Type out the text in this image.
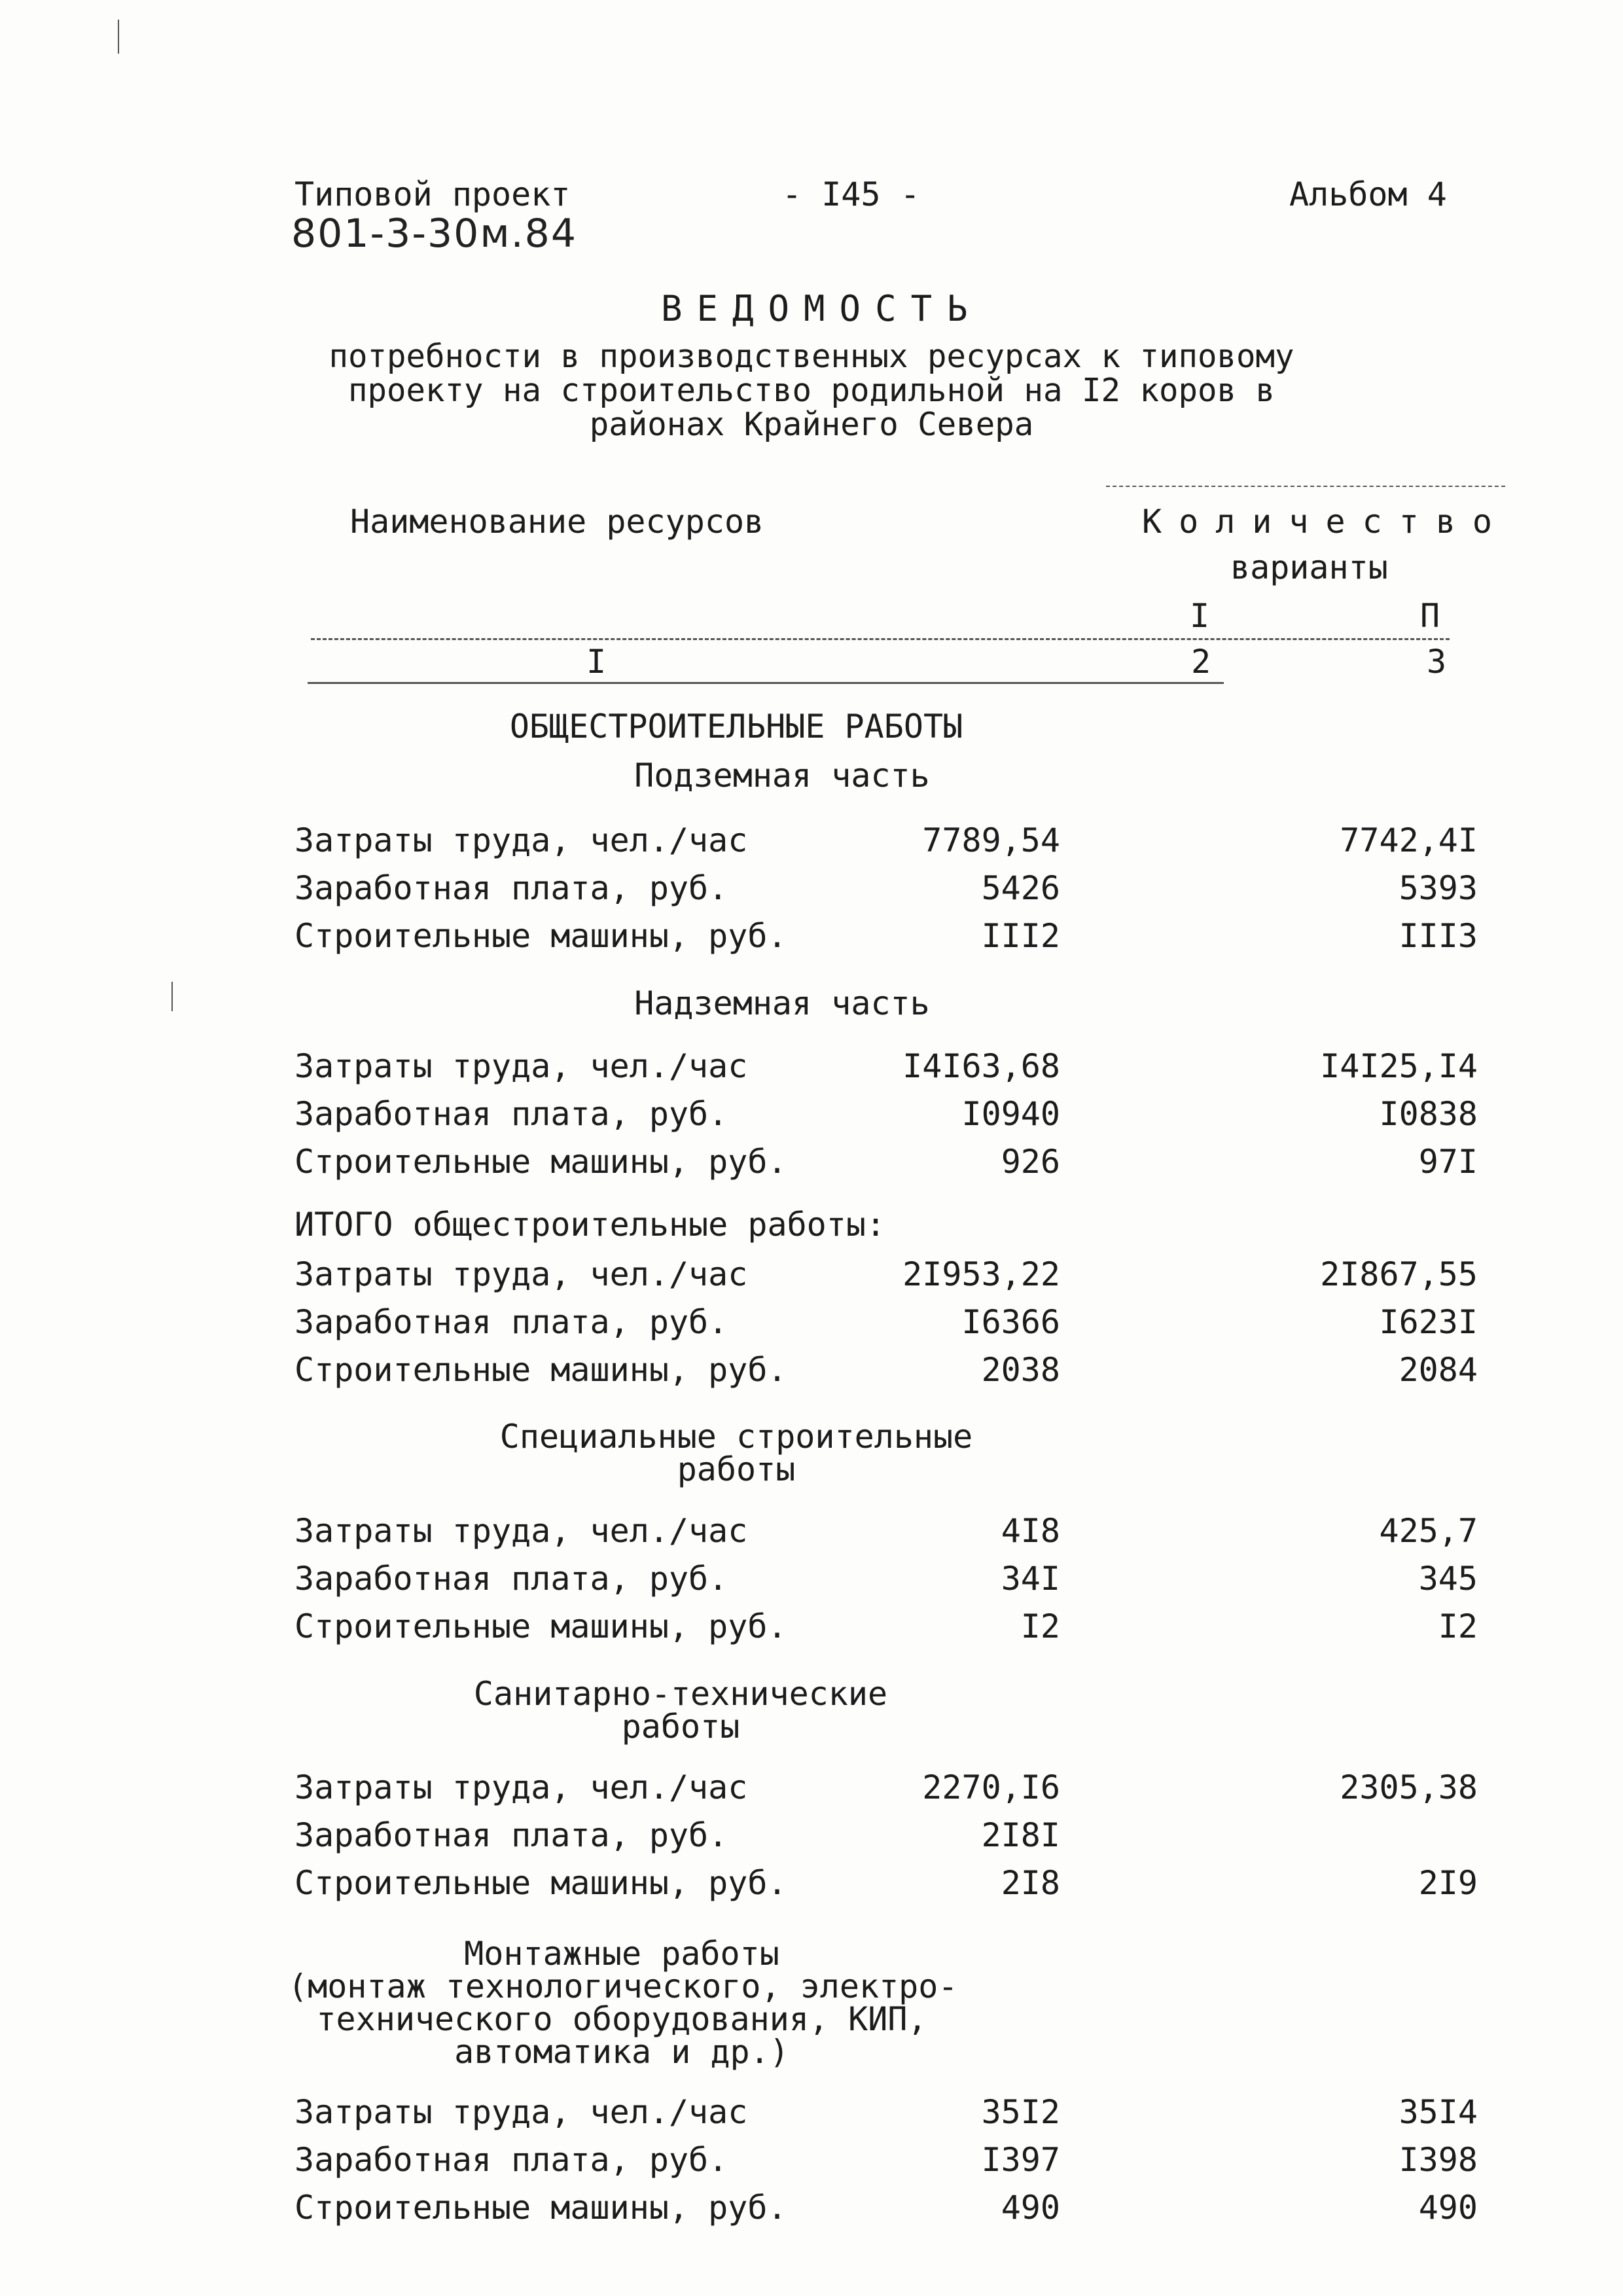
Типовой проект
801-3-30м.84
- I45 -	Альбом 4
ВЕДОМОСТЬ
потребности в производственных ресурсах к типовому
проекту на строительство родильной на I2 коров в
районах Крайнего Севера
Наименование ресурсов	Количество
варианты
I	П
I	2	3
ОБЩЕСТРОИТЕЛЬНЫЕ РАБОТЫ
Подземная часть
Затраты труда, чел./час	7789,54	7742,4I
Заработная плата, руб.	5426	5393
Строительные машины, руб.	III2	III3
Надземная часть
Затраты труда, чел./час	I4I63,68	I4I25,I4
Заработная плата, руб.	I0940	I0838
Строительные машины, руб.	926	97I
ИТОГО общестроительные работы:
Затраты труда, чел./час	2I953,22	2I867,55
Заработная плата, руб.	I6366	I623I
Строительные машины, руб.	2038	2084
Специальные строительные
работы
Затраты труда, чел./час	4I8	425,7
Заработная плата, руб.	34I	345
Строительные машины, руб.	I2	I2
Санитарно-технические
работы
Затраты труда, чел./час	2270,I6	2305,38
Заработная плата, руб.	2I8I
Строительные машины, руб.	2I8	2I9
Монтажные работы
(монтаж технологического, электро-
технического оборудования, КИП,
автоматика и др.)
Затраты труда, чел./час	35I2	35I4
Заработная плата, руб.	I397	I398
Строительные машины, руб.	490	490
